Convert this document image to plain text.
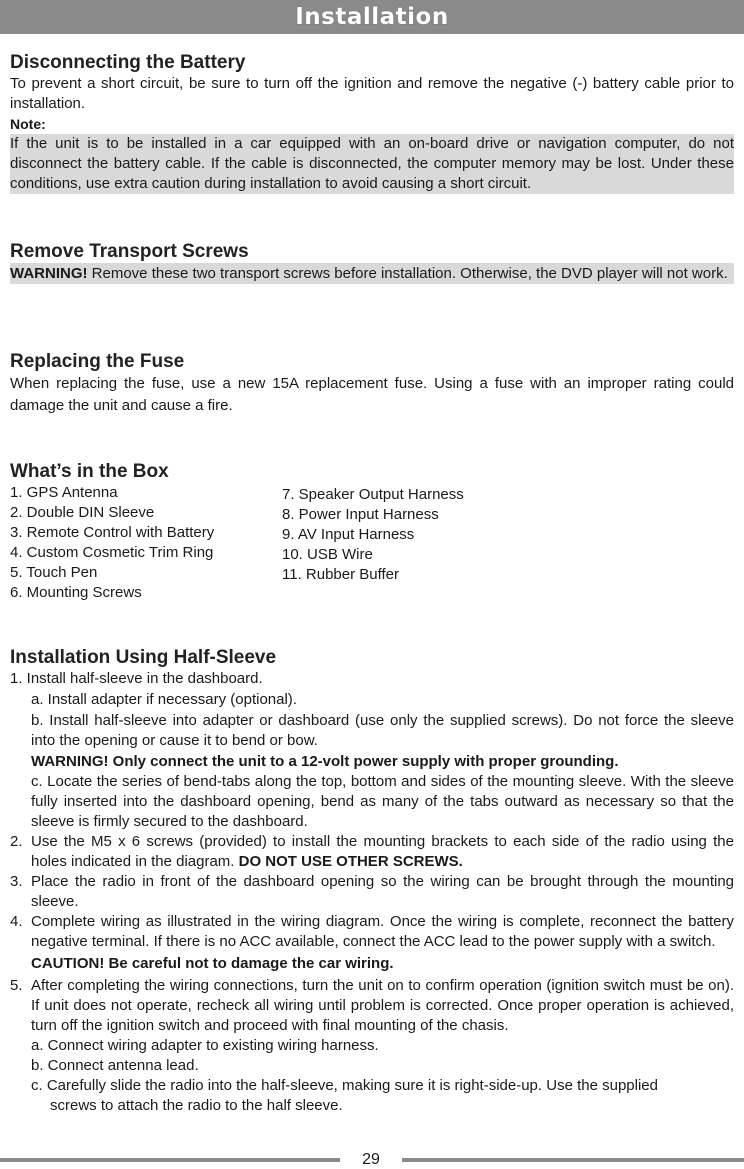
Installation

Disconnecting the Battery

To prevent a short circuit, be sure to turn off the ignition and remove the negative (-) battery cable prior to installation.

Note:

If the unit is to be installed in a car equipped with an on-board drive or navigation computer, do not disconnect the battery cable. If the cable is disconnected, the computer memory may be lost. Under these conditions, use extra caution during installation to avoid causing a short circuit.

Remove Transport Screws

WARNING! Remove these two transport screws before installation. Otherwise, the DVD player will not work.

Replacing the Fuse

When replacing the fuse, use a new 15A replacement fuse. Using a fuse with an improper rating could damage the unit and cause a fire.

What’s in the Box

1. GPS Antenna
2. Double DIN Sleeve
3. Remote Control with Battery
4. Custom Cosmetic Trim Ring
5. Touch Pen
6. Mounting Screws
7. Speaker Output Harness
8. Power Input Harness
9. AV Input Harness
10. USB Wire
11. Rubber Buffer

Installation Using Half-Sleeve

1. Install half-sleeve in the dashboard.

a. Install adapter if necessary (optional).

b. Install half-sleeve into adapter or dashboard (use only the supplied screws). Do not force the sleeve into the opening or cause it to bend or bow.

WARNING! Only connect the unit to a 12-volt power supply with proper grounding.

c. Locate the series of bend-tabs along the top, bottom and sides of the mounting sleeve. With the sleeve fully inserted into the dashboard opening, bend as many of the tabs outward as necessary so that the sleeve is firmly secured to the dashboard.

2. Use the M5 x 6 screws (provided) to install the mounting brackets to each side of the radio using the holes indicated in the diagram. DO NOT USE OTHER SCREWS.
3. Place the radio in front of the dashboard opening so the wiring can be brought through the mounting sleeve.
4. Complete wiring as illustrated in the wiring diagram. Once the wiring is complete, reconnect the battery negative terminal. If there is no ACC available, connect the ACC lead to the power supply with a switch.

CAUTION! Be careful not to damage the car wiring.

5. After completing the wiring connections, turn the unit on to confirm operation (ignition switch must be on). If unit does not operate, recheck all wiring until problem is corrected. Once proper operation is achieved, turn off the ignition switch and proceed with final mounting of the chasis.

a. Connect wiring adapter to existing wiring harness.

b. Connect antenna lead.

c. Carefully slide the radio into the half-sleeve, making sure it is right-side-up. Use the supplied

screws to attach the radio to the half sleeve.

29
